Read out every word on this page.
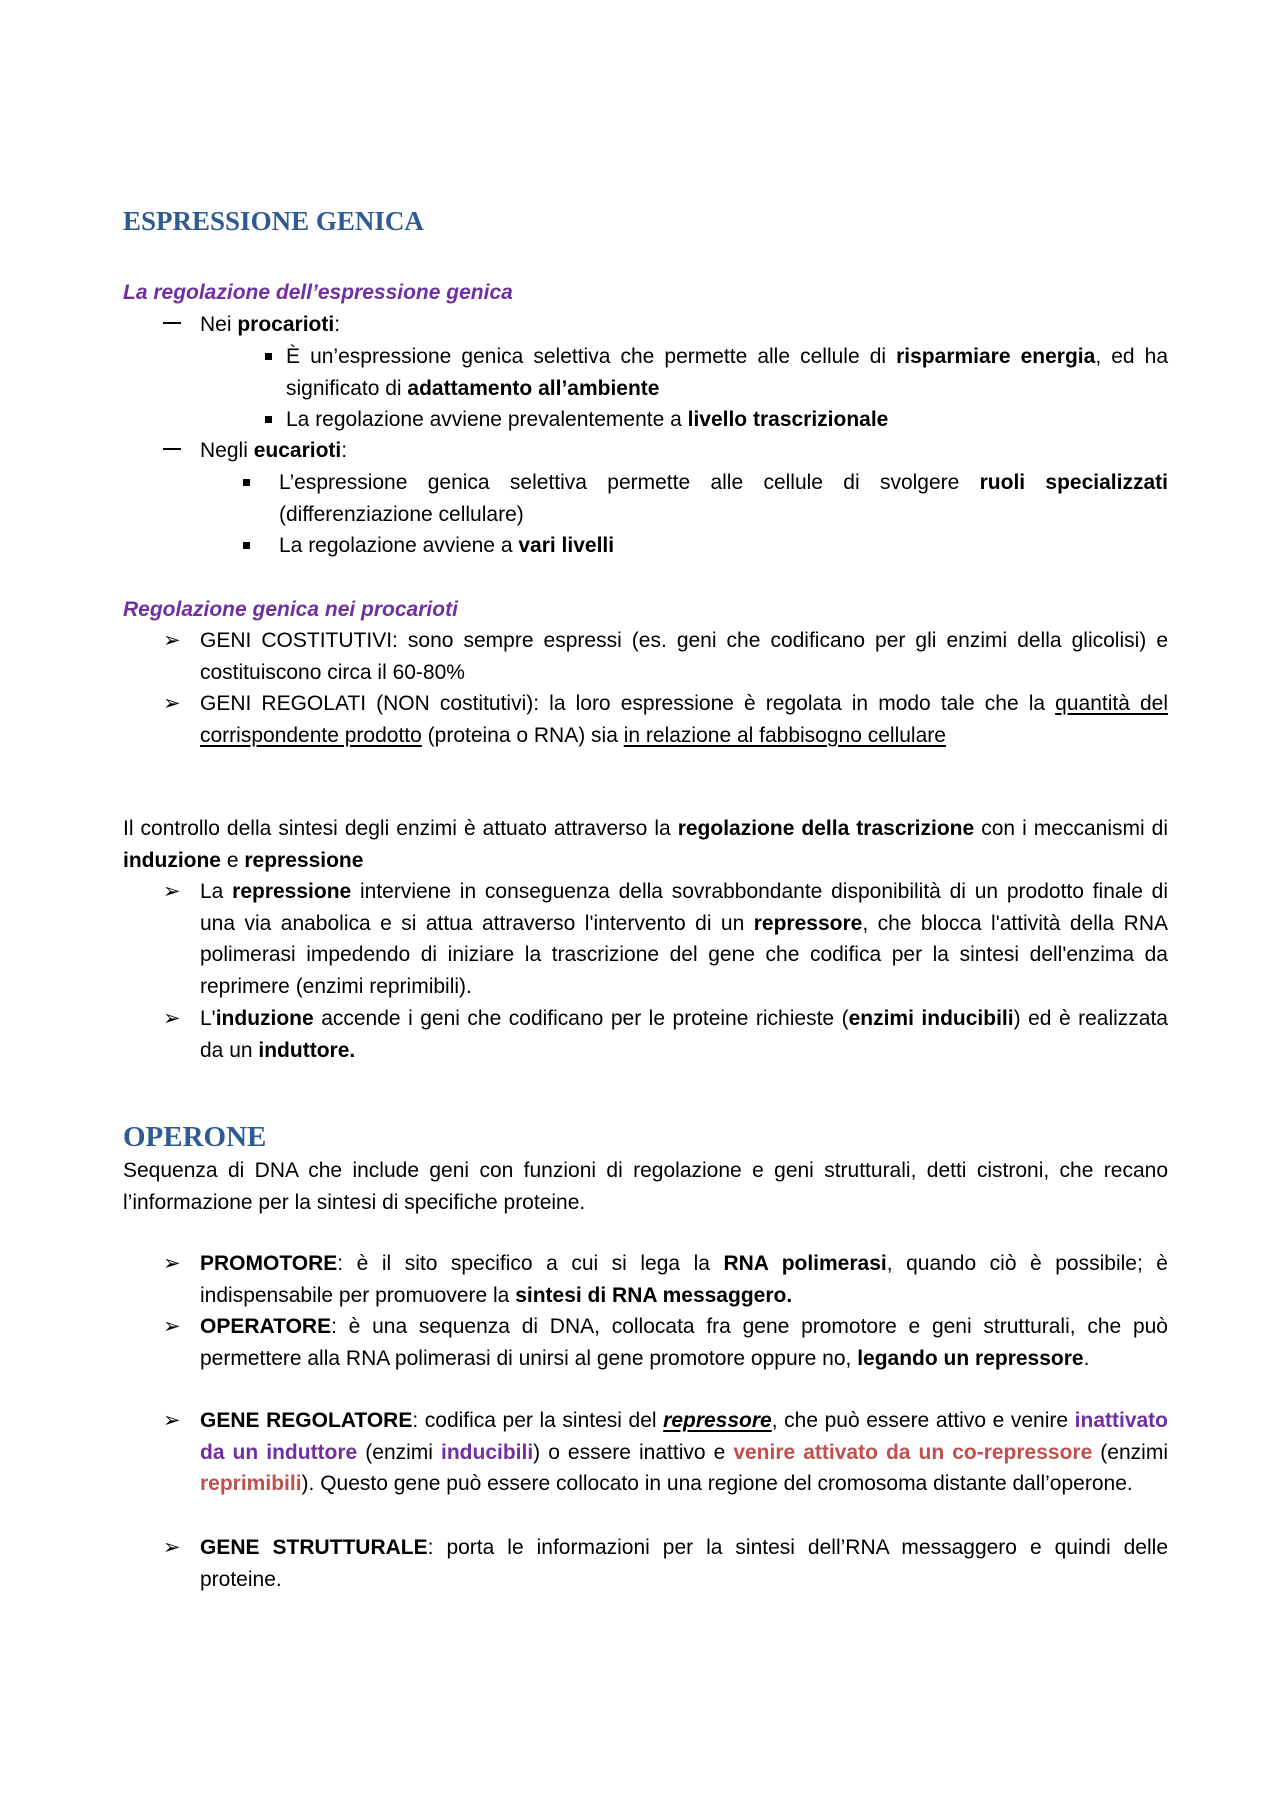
ESPRESSIONE GENICA

La regolazione dell’espressione genica

Nei procarioti:
È un’espressione genica selettiva che permette alle cellule di risparmiare energia, ed ha significato di adattamento all’ambiente
La regolazione avviene prevalentemente a livello trascrizionale
Negli eucarioti:
L’espressione genica selettiva permette alle cellule di svolgere ruoli specializzati (differenziazione cellulare)
La regolazione avviene a vari livelli

Regolazione genica nei procarioti

➢ GENI COSTITUTIVI: sono sempre espressi (es. geni che codificano per gli enzimi della glicolisi) e costituiscono circa il 60-80%
➢ GENI REGOLATI (NON costitutivi): la loro espressione è regolata in modo tale che la quantità del corrispondente prodotto (proteina o RNA) sia in relazione al fabbisogno cellulare
Il controllo della sintesi degli enzimi è attuato attraverso la regolazione della trascrizione con i meccanismi di induzione e repressione
➢ La repressione interviene in conseguenza della sovrabbondante disponibilità di un prodotto finale di una via anabolica e si attua attraverso l'intervento di un repressore, che blocca l'attività della RNA polimerasi impedendo di iniziare la trascrizione del gene che codifica per la sintesi dell'enzima da reprimere (enzimi reprimibili).
➢ L'induzione accende i geni che codificano per le proteine richieste (enzimi inducibili) ed è realizzata da un induttore.
OPERONE
Sequenza di DNA che include geni con funzioni di regolazione e geni strutturali, detti cistroni, che recano l’informazione per la sintesi di specifiche proteine.
➢ PROMOTORE: è il sito specifico a cui si lega la RNA polimerasi, quando ciò è possibile; è indispensabile per promuovere la sintesi di RNA messaggero.
➢ OPERATORE: è una sequenza di DNA, collocata fra gene promotore e geni strutturali, che può permettere alla RNA polimerasi di unirsi al gene promotore oppure no, legando un repressore.
➢ GENE REGOLATORE: codifica per la sintesi del repressore, che può essere attivo e venire inattivato da un induttore (enzimi inducibili) o essere inattivo e venire attivato da un co-repressore (enzimi reprimibili). Questo gene può essere collocato in una regione del cromosoma distante dall’operone.
➢ GENE STRUTTURALE: porta le informazioni per la sintesi dell’RNA messaggero e quindi delle proteine.
